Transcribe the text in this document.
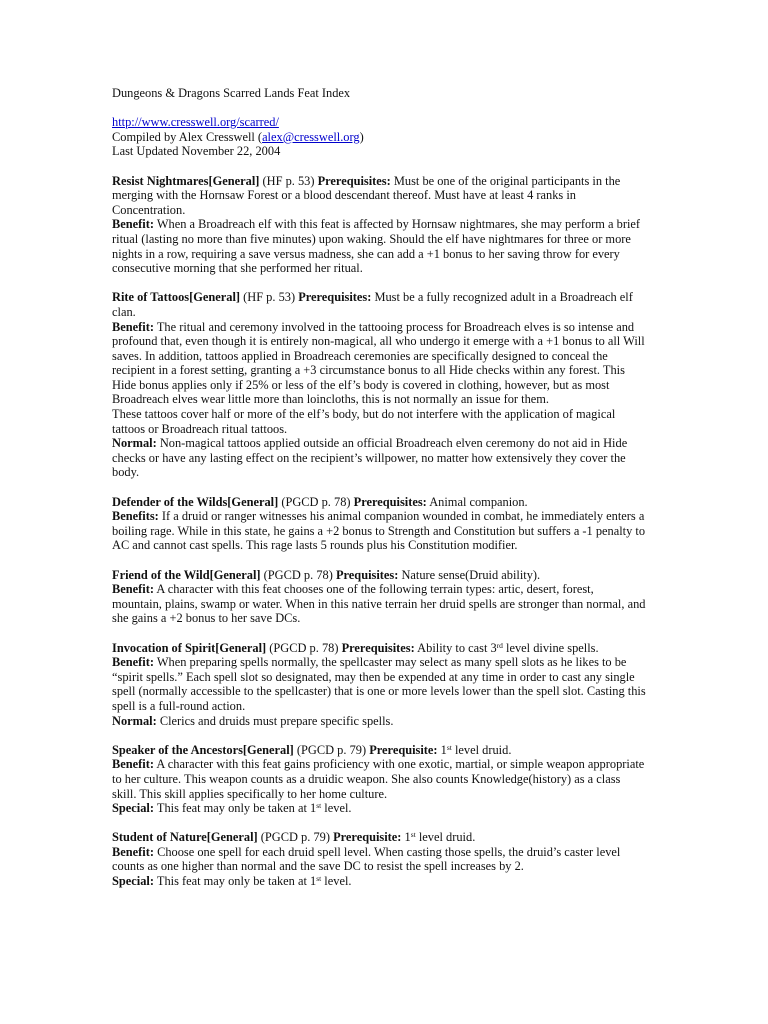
Dungeons & Dragons Scarred Lands Feat Index
http://www.cresswell.org/scarred/
Compiled by Alex Cresswell (alex@cresswell.org)
Last Updated November 22, 2004
Resist Nightmares[General] (HF p. 53) Prerequisites: Must be one of the original participants in the
merging with the Hornsaw Forest or a blood descendant thereof. Must have at least 4 ranks in
Concentration.
Benefit: When a Broadreach elf with this feat is affected by Hornsaw nightmares, she may perform a brief
ritual (lasting no more than five minutes) upon waking. Should the elf have nightmares for three or more
nights in a row, requiring a save versus madness, she can add a +1 bonus to her saving throw for every
consecutive morning that she performed her ritual.
Rite of Tattoos[General] (HF p. 53) Prerequisites: Must be a fully recognized adult in a Broadreach elf
clan.
Benefit: The ritual and ceremony involved in the tattooing process for Broadreach elves is so intense and
profound that, even though it is entirely non-magical, all who undergo it emerge with a +1 bonus to all Will
saves. In addition, tattoos applied in Broadreach ceremonies are specifically designed to conceal the
recipient in a forest setting, granting a +3 circumstance bonus to all Hide checks within any forest. This
Hide bonus applies only if 25% or less of the elf’s body is covered in clothing, however, but as most
Broadreach elves wear little more than loincloths, this is not normally an issue for them.
These tattoos cover half or more of the elf’s body, but do not interfere with the application of magical
tattoos or Broadreach ritual tattoos.
Normal: Non-magical tattoos applied outside an official Broadreach elven ceremony do not aid in Hide
checks or have any lasting effect on the recipient’s willpower, no matter how extensively they cover the
body.
Defender of the Wilds[General] (PGCD p. 78) Prerequisites: Animal companion.
Benefits: If a druid or ranger witnesses his animal companion wounded in combat, he immediately enters a
boiling rage. While in this state, he gains a +2 bonus to Strength and Constitution but suffers a -1 penalty to
AC and cannot cast spells. This rage lasts 5 rounds plus his Constitution modifier.
Friend of the Wild[General] (PGCD p. 78) Prequisites: Nature sense(Druid ability).
Benefit: A character with this feat chooses one of the following terrain types: artic, desert, forest,
mountain, plains, swamp or water. When in this native terrain her druid spells are stronger than normal, and
she gains a +2 bonus to her save DCs.
Invocation of Spirit[General] (PGCD p. 78) Prerequisites: Ability to cast 3rd level divine spells.
Benefit: When preparing spells normally, the spellcaster may select as many spell slots as he likes to be
“spirit spells.” Each spell slot so designated, may then be expended at any time in order to cast any single
spell (normally accessible to the spellcaster) that is one or more levels lower than the spell slot. Casting this
spell is a full-round action.
Normal: Clerics and druids must prepare specific spells.
Speaker of the Ancestors[General] (PGCD p. 79) Prerequisite: 1st level druid.
Benefit: A character with this feat gains proficiency with one exotic, martial, or simple weapon appropriate
to her culture. This weapon counts as a druidic weapon. She also counts Knowledge(history) as a class
skill. This skill applies specifically to her home culture.
Special: This feat may only be taken at 1st level.
Student of Nature[General] (PGCD p. 79) Prerequisite: 1st level druid.
Benefit: Choose one spell for each druid spell level. When casting those spells, the druid’s caster level
counts as one higher than normal and the save DC to resist the spell increases by 2.
Special: This feat may only be taken at 1st level.
